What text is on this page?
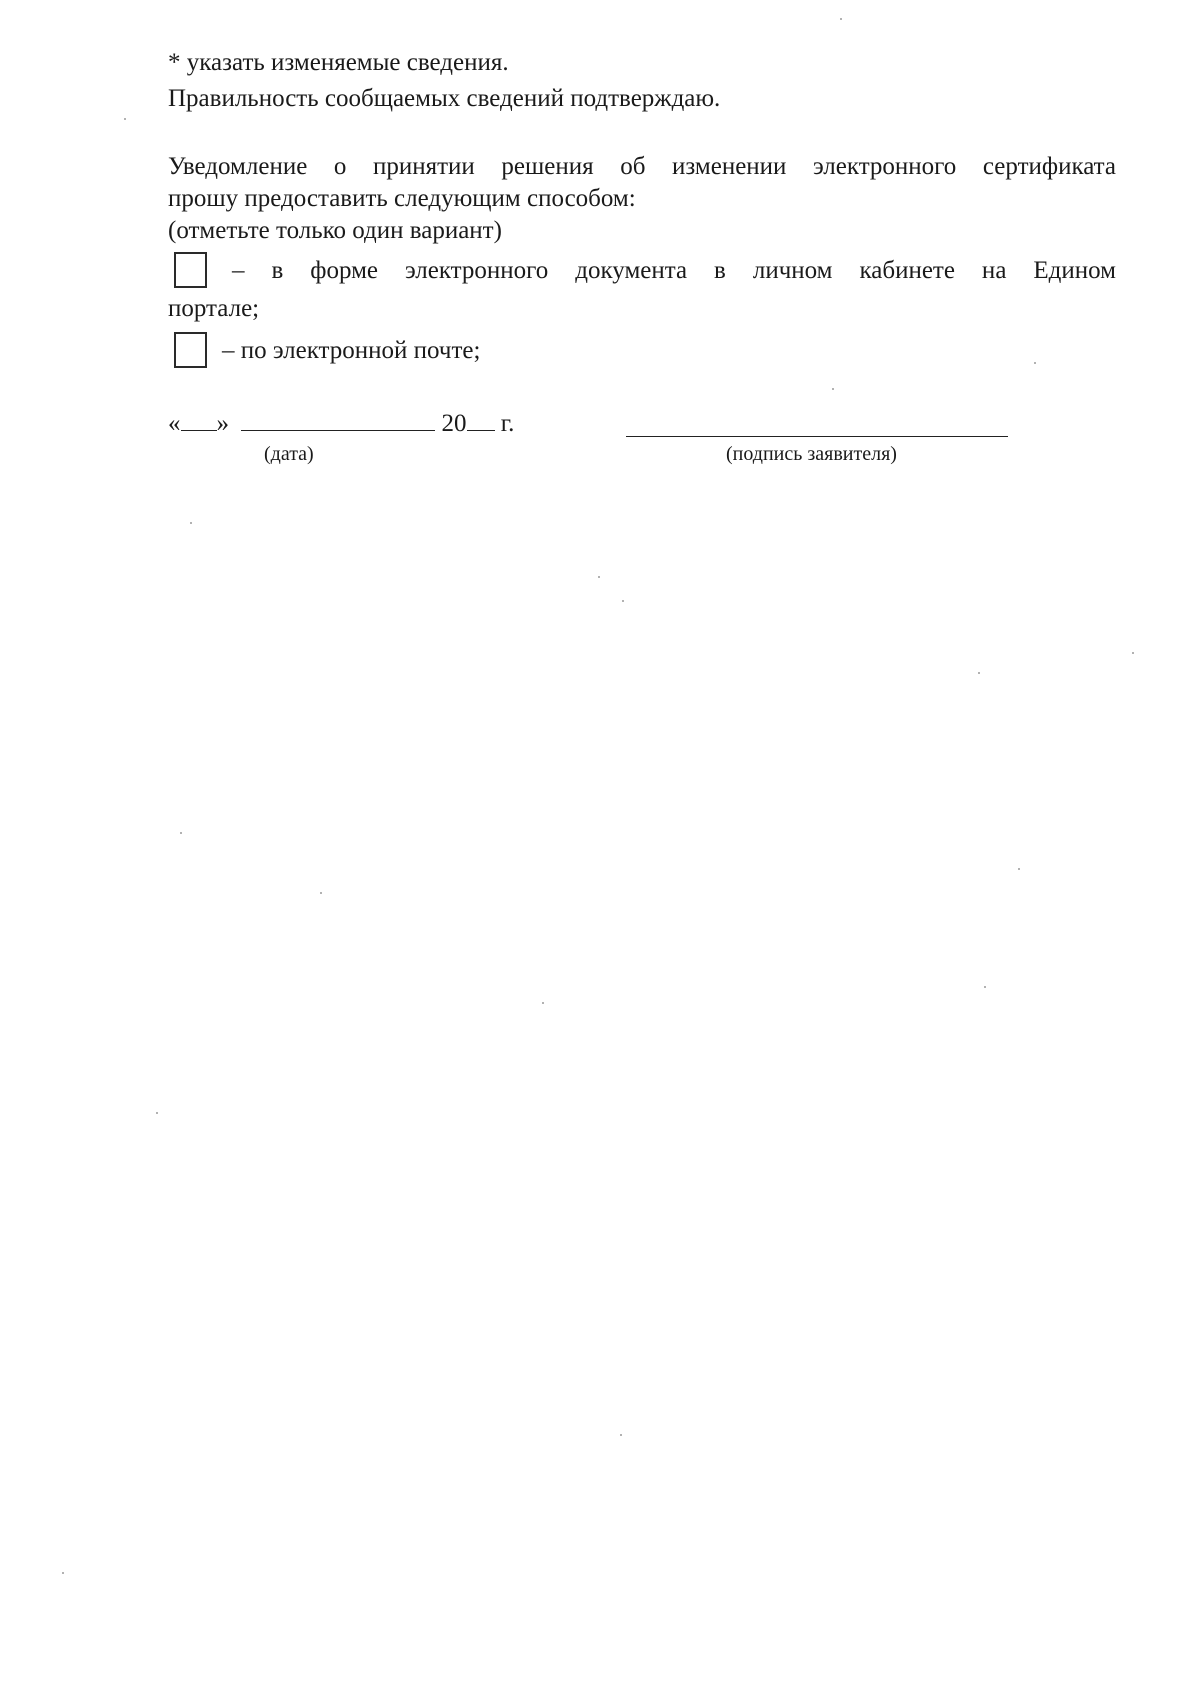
* указать изменяемые сведения.
Правильность сообщаемых сведений подтверждаю.
Уведомление о принятии решения об изменении электронного сертификата
прошу предоставить следующим способом:
(отметьте только один вариант)
– в форме электронного документа в личном кабинете на Едином
портале;
– по электронной почте;
« »	20 г.
(дата)	(подпись заявителя)
